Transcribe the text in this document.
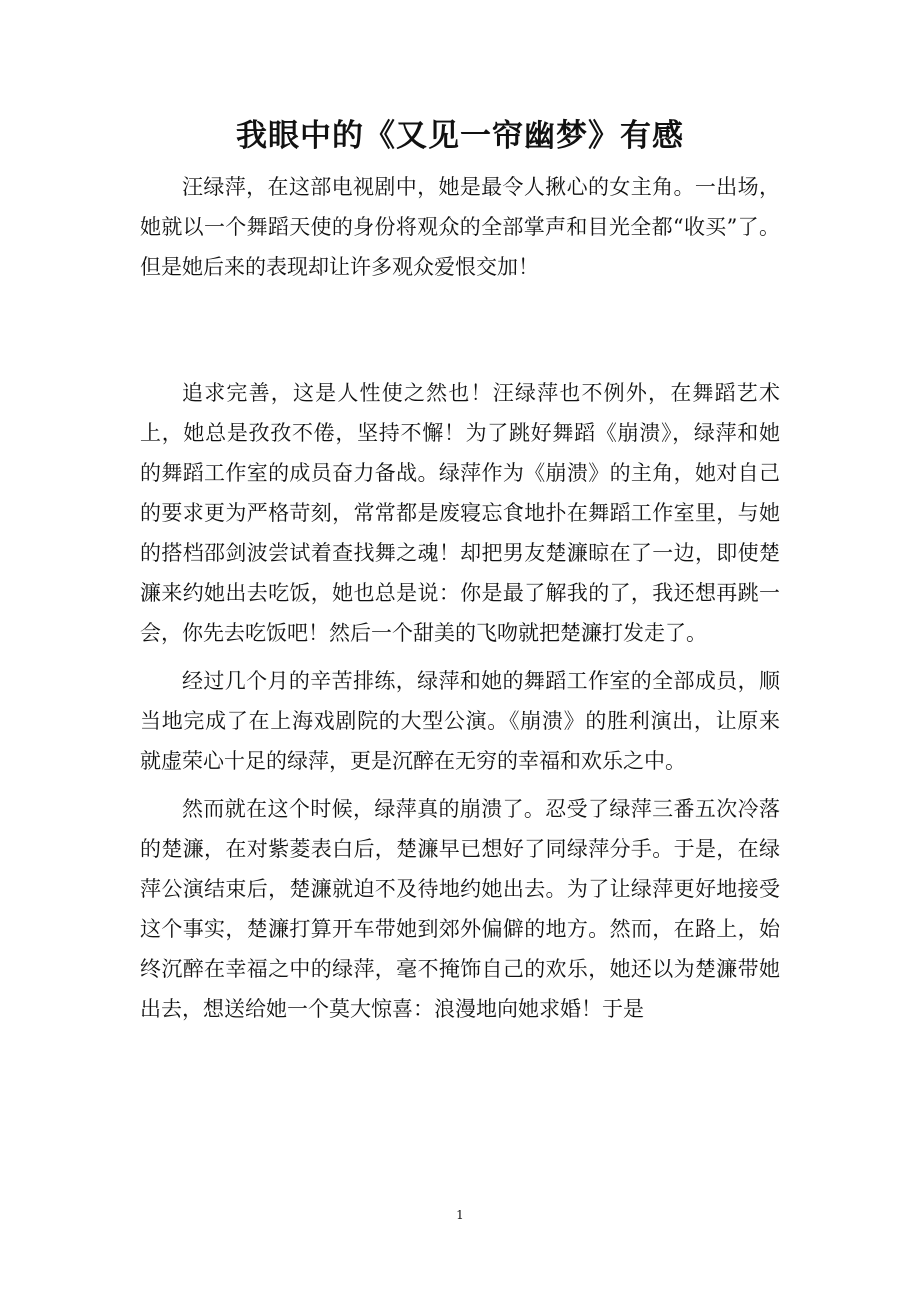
我眼中的《又见一帘幽梦》有感

汪绿萍，在这部电视剧中，她是最令人揪心的女主角。一出场，她就以一个舞蹈天使的身份将观众的全部掌声和目光全都“收买”了。但是她后来的表现却让许多观众爱恨交加！

追求完善，这是人性使之然也！汪绿萍也不例外，在舞蹈艺术上，她总是孜孜不倦，坚持不懈！为了跳好舞蹈《崩溃》，绿萍和她的舞蹈工作室的成员奋力备战。绿萍作为《崩溃》的主角，她对自己的要求更为严格苛刻，常常都是废寝忘食地扑在舞蹈工作室里，与她的搭档邵剑波尝试着查找舞之魂！却把男友楚濂晾在了一边，即使楚濂来约她出去吃饭，她也总是说：你是最了解我的了，我还想再跳一会，你先去吃饭吧！然后一个甜美的飞吻就把楚濂打发走了。

经过几个月的辛苦排练，绿萍和她的舞蹈工作室的全部成员，顺当地完成了在上海戏剧院的大型公演。《崩溃》的胜利演出，让原来就虚荣心十足的绿萍，更是沉醉在无穷的幸福和欢乐之中。

然而就在这个时候，绿萍真的崩溃了。忍受了绿萍三番五次冷落的楚濂，在对紫菱表白后，楚濂早已想好了同绿萍分手。于是，在绿萍公演结束后，楚濂就迫不及待地约她出去。为了让绿萍更好地接受这个事实，楚濂打算开车带她到郊外偏僻的地方。然而，在路上，始终沉醉在幸福之中的绿萍，毫不掩饰自己的欢乐，她还以为楚濂带她出去，想送给她一个莫大惊喜：浪漫地向她求婚！于是

1
